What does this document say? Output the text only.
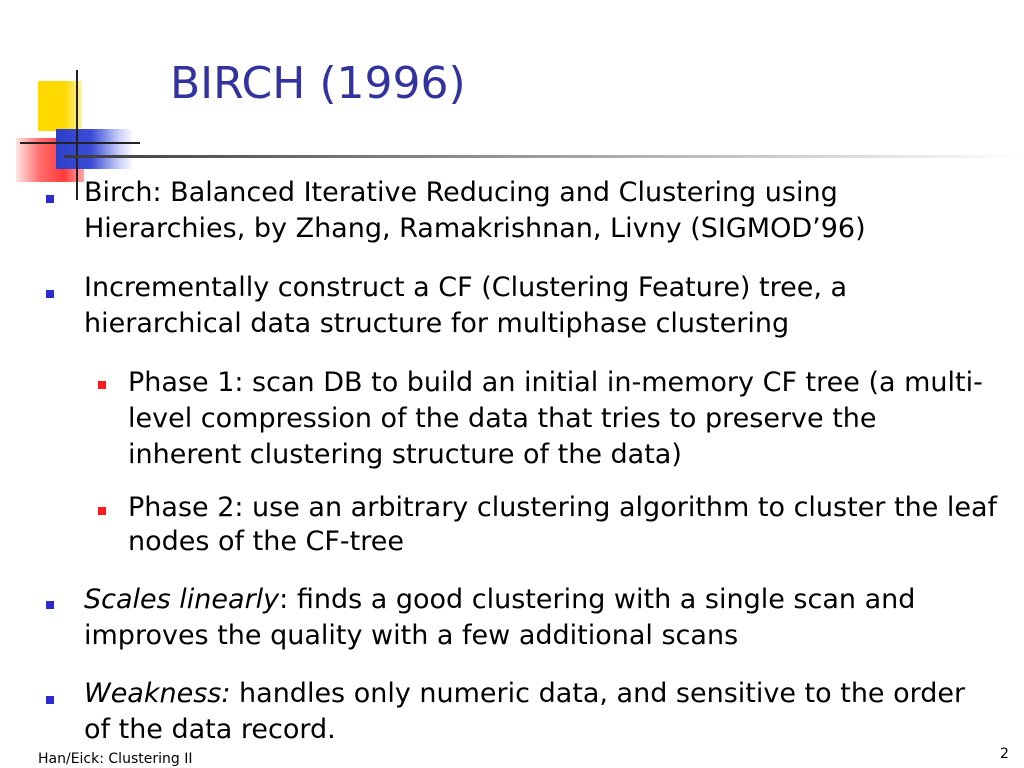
BIRCH (1996)
Birch: Balanced Iterative Reducing and Clustering using Hierarchies, by Zhang, Ramakrishnan, Livny (SIGMOD’96)
Incrementally construct a CF (Clustering Feature) tree, a hierarchical data structure for multiphase clustering
Phase 1: scan DB to build an initial in-memory CF tree (a multi-level compression of the data that tries to preserve the inherent clustering structure of the data)
Phase 2: use an arbitrary clustering algorithm to cluster the leaf nodes of the CF-tree
Scales linearly: finds a good clustering with a single scan and improves the quality with a few additional scans
Weakness: handles only numeric data, and sensitive to the order of the data record.
Han/Eick: Clustering II	2
